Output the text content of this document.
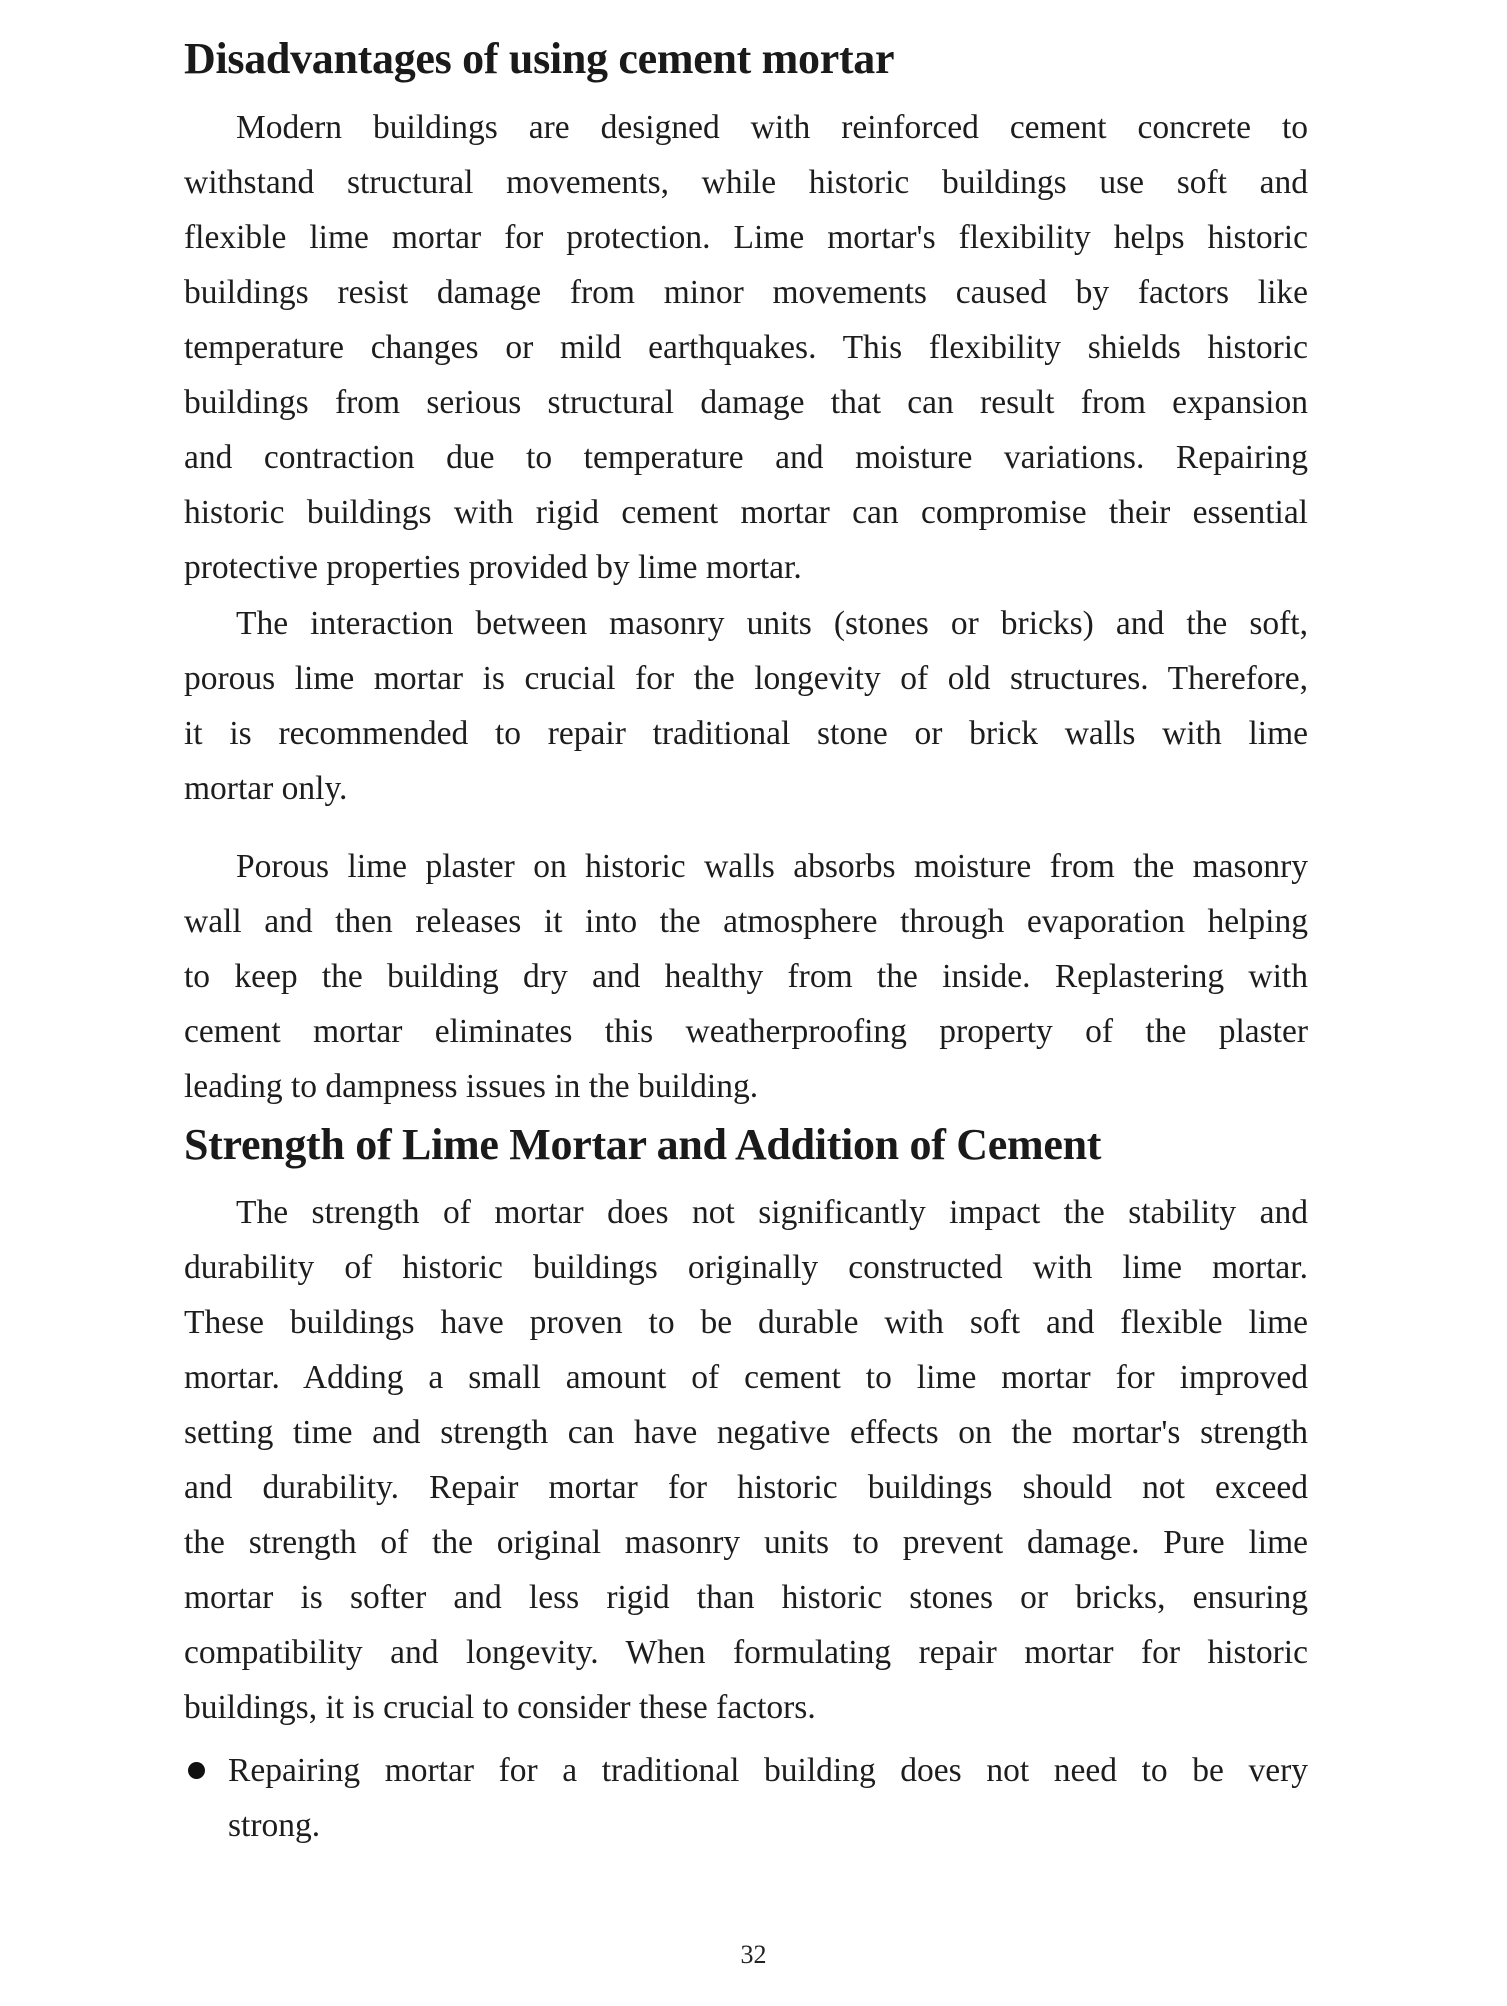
Disadvantages of using cement mortar
Modern buildings are designed with reinforced cement concrete to
withstand structural movements, while historic buildings use soft and
flexible lime mortar for protection. Lime mortar's flexibility helps historic
buildings resist damage from minor movements caused by factors like
temperature changes or mild earthquakes. This flexibility shields historic
buildings from serious structural damage that can result from expansion
and contraction due to temperature and moisture variations. Repairing
historic buildings with rigid cement mortar can compromise their essential
protective properties provided by lime mortar.
The interaction between masonry units (stones or bricks) and the soft,
porous lime mortar is crucial for the longevity of old structures. Therefore,
it is recommended to repair traditional stone or brick walls with lime
mortar only.
Porous lime plaster on historic walls absorbs moisture from the masonry
wall and then releases it into the atmosphere through evaporation helping
to keep the building dry and healthy from the inside. Replastering with
cement mortar eliminates this weatherproofing property of the plaster
leading to dampness issues in the building.
Strength of Lime Mortar and Addition of Cement
The strength of mortar does not significantly impact the stability and
durability of historic buildings originally constructed with lime mortar.
These buildings have proven to be durable with soft and flexible lime
mortar. Adding a small amount of cement to lime mortar for improved
setting time and strength can have negative effects on the mortar's strength
and durability. Repair mortar for historic buildings should not exceed
the strength of the original masonry units to prevent damage. Pure lime
mortar is softer and less rigid than historic stones or bricks, ensuring
compatibility and longevity. When formulating repair mortar for historic
buildings, it is crucial to consider these factors.
Repairing mortar for a traditional building does not need to be very
strong.
32
